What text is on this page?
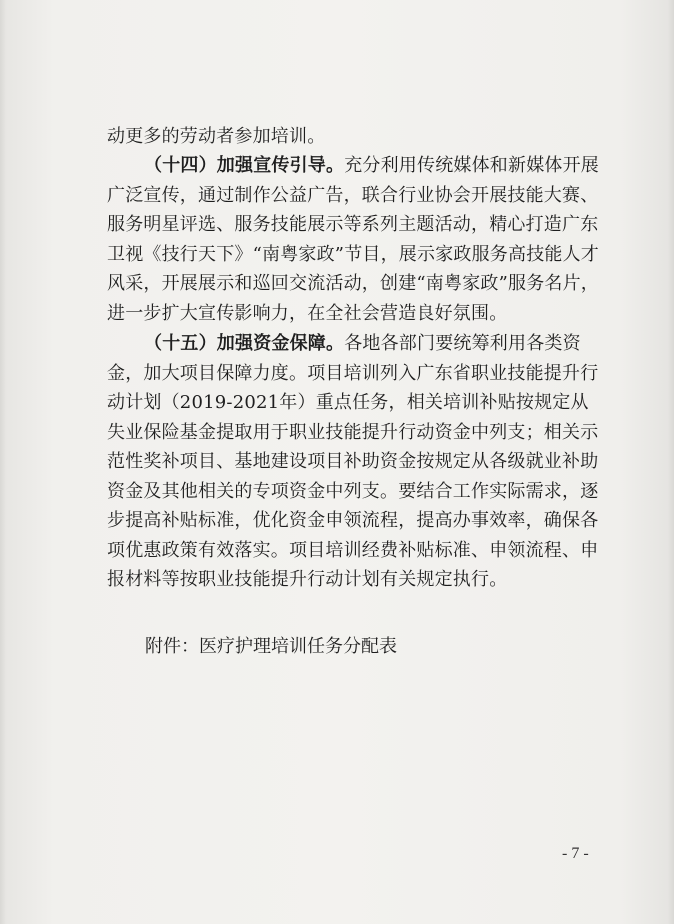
动更多的劳动者参加培训。
（十四）加强宣传引导。充分利用传统媒体和新媒体开展广泛宣传，通过制作公益广告，联合行业协会开展技能大赛、服务明星评选、服务技能展示等系列主题活动，精心打造广东卫视《技行天下》“南粤家政”节目，展示家政服务高技能人才风采，开展展示和巡回交流活动，创建“南粤家政”服务名片，进一步扩大宣传影响力，在全社会营造良好氛围。
（十五）加强资金保障。各地各部门要统筹利用各类资金，加大项目保障力度。项目培训列入广东省职业技能提升行动计划（2019-2021年）重点任务，相关培训补贴按规定从失业保险基金提取用于职业技能提升行动资金中列支；相关示范性奖补项目、基地建设项目补助资金按规定从各级就业补助资金及其他相关的专项资金中列支。要结合工作实际需求，逐步提高补贴标准，优化资金申领流程，提高办事效率，确保各项优惠政策有效落实。项目培训经费补贴标准、申领流程、申报材料等按职业技能提升行动计划有关规定执行。
附件：医疗护理培训任务分配表
- 7 -
